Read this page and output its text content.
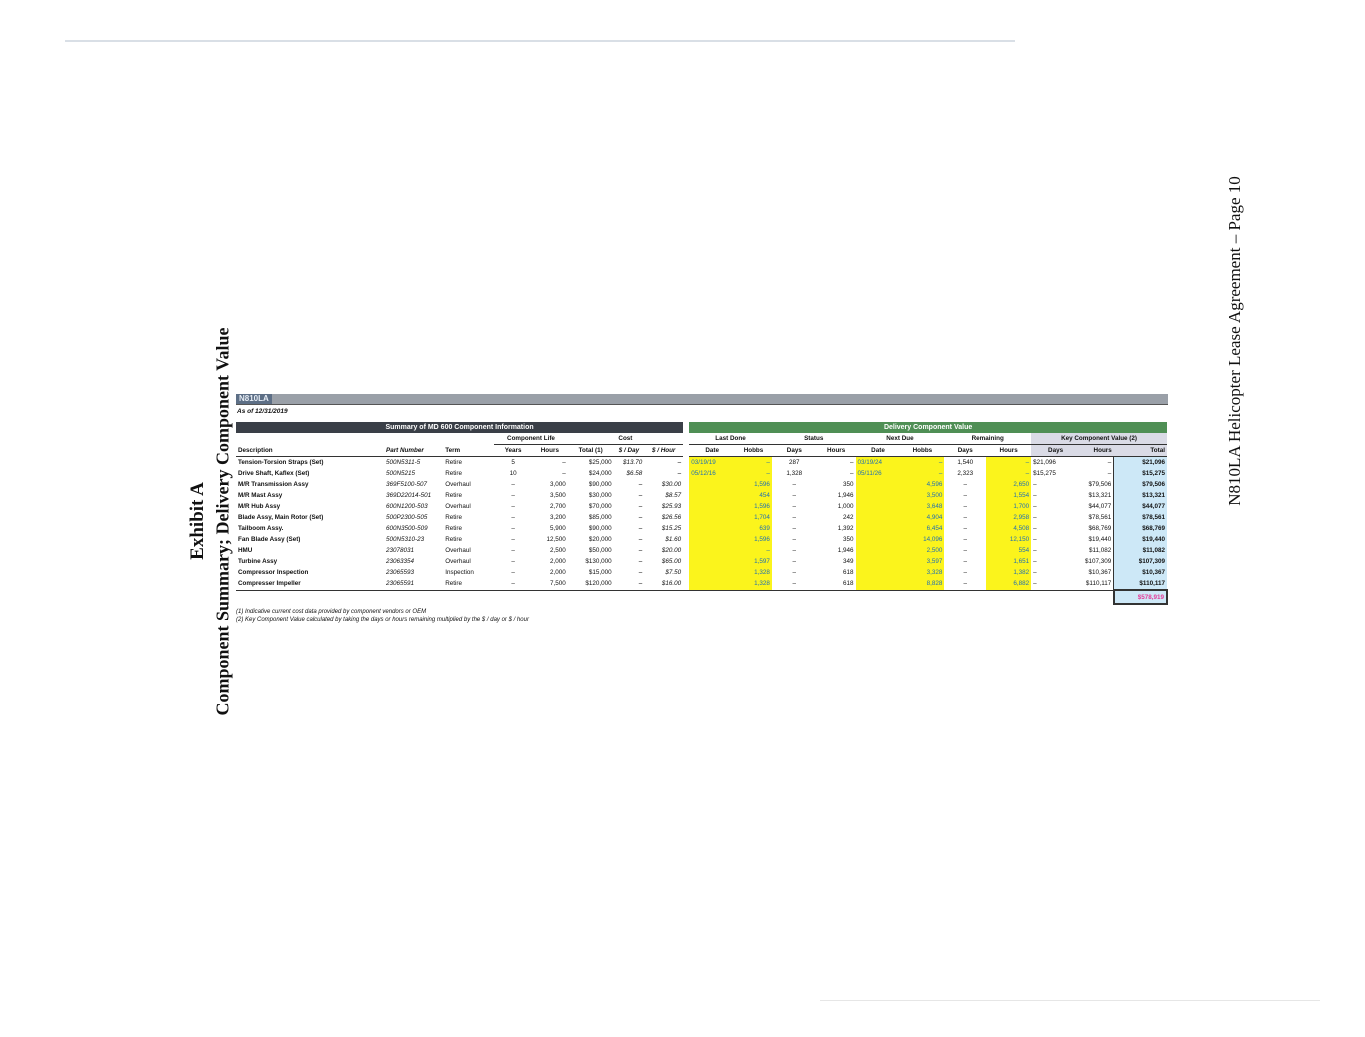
Exhibit A Component Summary; Delivery Component Value	N810LA Helicopter Lease Agreement – Page 10
N810LA
As of 12/31/2019
Summary of MD 600 Component Information									Delivery Component Value										
			Component Life		Cost				Last Done		Status		Next Due		Remaining		Key Component Value (2)		
Description	Part Number	Term	Years	Hours	Total (1)	$ / Day	$ / Hour		Date	Hobbs	Days	Hours	Date	Hobbs	Days	Hours	Days	Hours	Total
Tension-Torsion Straps (Set)	500N5311-5	Retire	5	–	$25,000	$13.70	–		03/19/19	–	287	–	03/19/24	–	1,540	–	$21,096	–	$21,096
Drive Shaft, Kaflex (Set)	500N5215	Retire	10	–	$24,000	$6.58	–		05/12/16	–	1,328	–	05/11/26	–	2,323	–	$15,275	–	$15,275
M/R Transmission Assy	369F5100-507	Overhaul	–	3,000	$90,000	–	$30.00			1,596	–	350		4,596	–	2,650	–	$79,506	$79,506
M/R Mast Assy	369D22014-501	Retire	–	3,500	$30,000	–	$8.57			454	–	1,946		3,500	–	1,554	–	$13,321	$13,321
M/R Hub Assy	600N1200-503	Overhaul	–	2,700	$70,000	–	$25.93			1,596	–	1,000		3,648	–	1,700	–	$44,077	$44,077
Blade Assy, Main Rotor (Set)	500P2300-505	Retire	–	3,200	$85,000	–	$26.56			1,704	–	242		4,904	–	2,958	–	$78,561	$78,561
Tailboom Assy.	600N3500-509	Retire	–	5,900	$90,000	–	$15.25			639	–	1,392		6,454	–	4,508	–	$68,769	$68,769
Fan Blade Assy (Set)	500N5310-23	Retire	–	12,500	$20,000	–	$1.60			1,596	–	350		14,096	–	12,150	–	$19,440	$19,440
HMU	23078031	Overhaul	–	2,500	$50,000	–	$20.00			–	–	1,946		2,500	–	554	–	$11,082	$11,082
Turbine Assy	23063354	Overhaul	–	2,000	$130,000	–	$65.00			1,597	–	349		3,597	–	1,651	–	$107,309	$107,309
Compressor Inspection	23065593	Inspection	–	2,000	$15,000	–	$7.50			1,328	–	618		3,328	–	1,382	–	$10,367	$10,367
Compresser Impeller	23065591	Retire	–	7,500	$120,000	–	$16.00			1,328	–	618		8,828	–	6,882	–	$110,117	$110,117
																			$578,919
(1) Indicative current cost data provided by component vendors or OEM
(2) Key Component Value calculated by taking the days or hours remaining multiplied by the $ / day or $ / hour
